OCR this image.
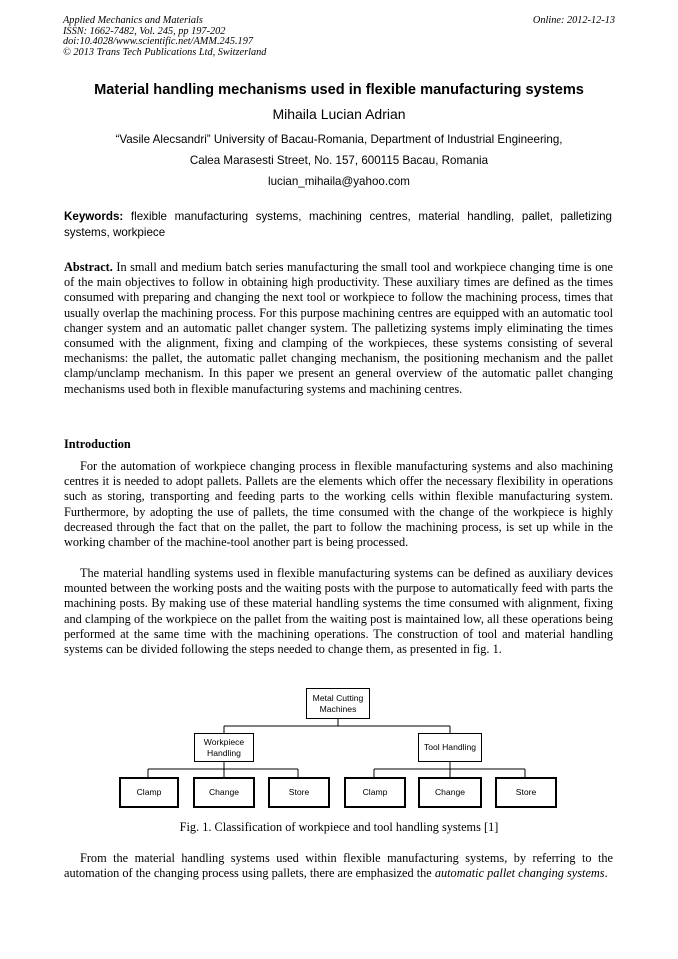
Applied Mechanics and Materials
ISSN: 1662-7482, Vol. 245, pp 197-202
doi:10.4028/www.scientific.net/AMM.245.197
© 2013 Trans Tech Publications Ltd, Switzerland
Online: 2012-12-13
Material handling mechanisms used in flexible manufacturing systems
Mihaila Lucian Adrian
“Vasile Alecsandri” University of Bacau-Romania, Department of Industrial Engineering,
Calea Marasesti Street, No. 157, 600115 Bacau, Romania
lucian_mihaila@yahoo.com
Keywords: flexible manufacturing systems, machining centres, material handling, pallet, palletizing systems, workpiece
Abstract. In small and medium batch series manufacturing the small tool and workpiece changing time is one of the main objectives to follow in obtaining high productivity. These auxiliary times are defined as the times consumed with preparing and changing the next tool or workpiece to follow the machining process, times that usually overlap the machining process. For this purpose machining centres are equipped with an automatic tool changer system and an automatic pallet changer system. The palletizing systems imply eliminating the times consumed with the alignment, fixing and clamping of the workpieces, these systems consisting of several mechanisms: the pallet, the automatic pallet changing mechanism, the positioning mechanism and the pallet clamp/unclamp mechanism. In this paper we present an general overview of the automatic pallet changing mechanisms used both in flexible manufacturing systems and machining centres.
Introduction
For the automation of workpiece changing process in flexible manufacturing systems and also machining centres it is needed to adopt pallets. Pallets are the elements which offer the necessary flexibility in operations such as storing, transporting and feeding parts to the working cells within flexible manufacturing system. Furthermore, by adopting the use of pallets, the time consumed with the change of the workpiece is highly decreased through the fact that on the pallet, the part to follow the machining process, is set up while in the working chamber of the machine-tool another part is being processed.
The material handling systems used in flexible manufacturing systems can be defined as auxiliary devices mounted between the working posts and the waiting posts with the purpose to automatically feed with parts the machining posts. By making use of these material handling systems the time consumed with alignment, fixing and clamping of the workpiece on the pallet from the waiting post is maintained low, all these operations being performed at the same time with the machining operations. The construction of tool and material handling systems can be divided following the steps needed to change them, as presented in fig. 1.
Metal Cutting Machines
Workpiece Handling
Tool Handling
Clamp	Change	Store	Clamp	Change	Store
Fig. 1. Classification of workpiece and tool handling systems [1]
From the material handling systems used within flexible manufacturing systems, by referring to the automation of the changing process using pallets, there are emphasized the automatic pallet changing systems.
